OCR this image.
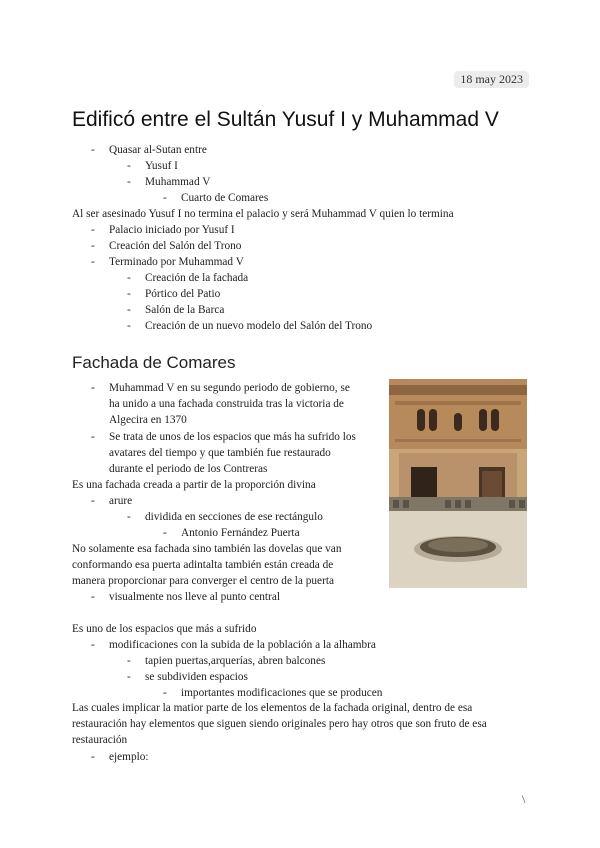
18 may 2023
Edificó entre el Sultán Yusuf I y Muhammad V
- Quasar al-Sutan entre
- Yusuf I
- Muhammad V
- Cuarto de Comares
Al ser asesinado Yusuf I no termina el palacio y será Muhammad V quien lo termina
- Palacio iniciado por Yusuf I
- Creación del Salón del Trono
- Terminado por Muhammad V
- Creación de la fachada
- Pórtico del Patio
- Salón de la Barca
- Creación de un nuevo modelo del Salón del Trono
- Muhammad V en su segundo periodo de gobierno, se
ha unido a una fachada construida tras la victoria de
Algecira en 1370
- Se trata de unos de los espacios que más ha sufrido los
avatares del tiempo y que también fue restaurado
durante el periodo de los Contreras
Es una fachada creada a partir de la proporción divina
- arure
- dividida en secciones de ese rectángulo
- Antonio Fernández Puerta
No solamente esa fachada sino también las dovelas que van
conformando esa puerta adintalta también están creada de
manera proporcionar para converger el centro de la puerta
- visualmente nos lleve al punto central
Es uno de los espacios que más a sufrido
- modificaciones con la subida de la población a la alhambra
- tapien puertas,arquerías, abren balcones
- se subdividen espacios
- importantes modificaciones que se producen
Las cuales implicar la matior parte de los elementos de la fachada original, dentro de esa
restauración hay elementos que siguen siendo originales pero hay otros que son fruto de esa
restauración
- ejemplo:
Fachada de Comares
\
